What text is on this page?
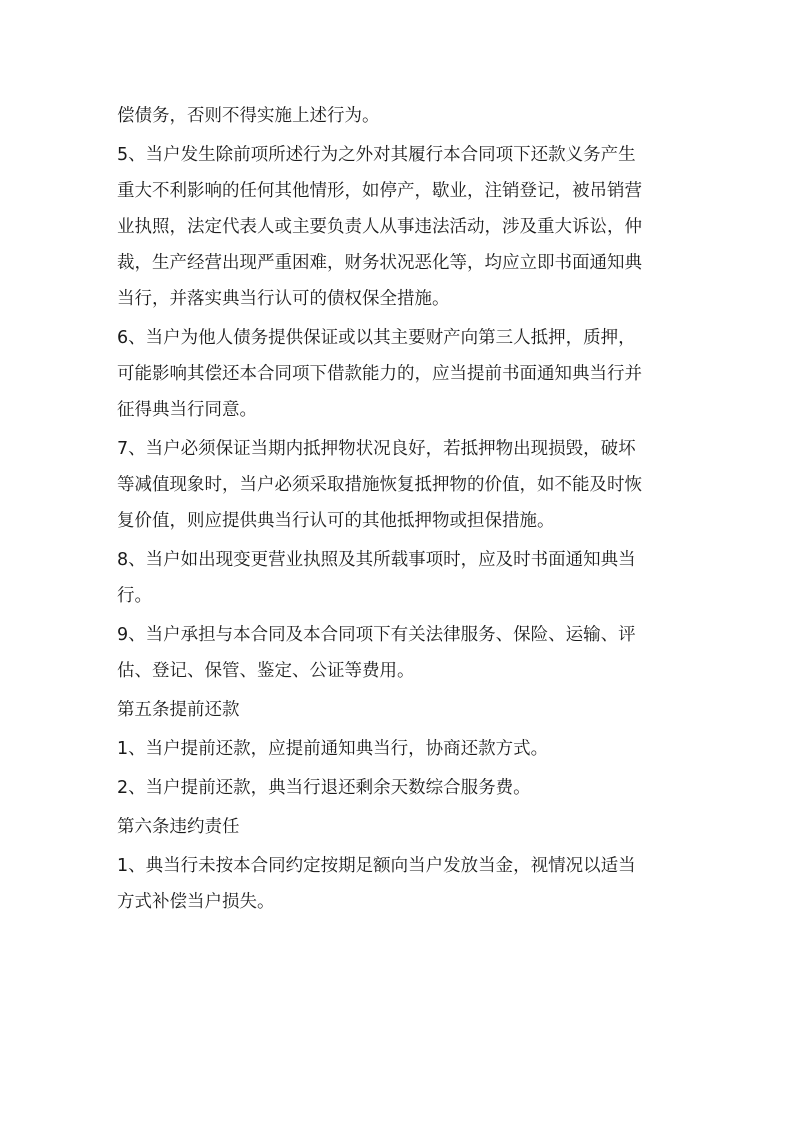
偿债务，否则不得实施上述行为。

5、当户发生除前项所述行为之外对其履行本合同项下还款义务产生
重大不利影响的任何其他情形，如停产，歇业，注销登记，被吊销营
业执照，法定代表人或主要负责人从事违法活动，涉及重大诉讼，仲
裁，生产经营出现严重困难，财务状况恶化等，均应立即书面通知典
当行，并落实典当行认可的债权保全措施。

6、当户为他人债务提供保证或以其主要财产向第三人抵押，质押，
可能影响其偿还本合同项下借款能力的，应当提前书面通知典当行并
征得典当行同意。

7、当户必须保证当期内抵押物状况良好，若抵押物出现损毁，破坏
等减值现象时，当户必须采取措施恢复抵押物的价值，如不能及时恢
复价值，则应提供典当行认可的其他抵押物或担保措施。

8、当户如出现变更营业执照及其所载事项时，应及时书面通知典当
行。

9、当户承担与本合同及本合同项下有关法律服务、保险、运输、评
估、登记、保管、鉴定、公证等费用。

第五条提前还款

1、当户提前还款，应提前通知典当行，协商还款方式。

2、当户提前还款，典当行退还剩余天数综合服务费。

第六条违约责任

1、典当行未按本合同约定按期足额向当户发放当金，视情况以适当
方式补偿当户损失。
